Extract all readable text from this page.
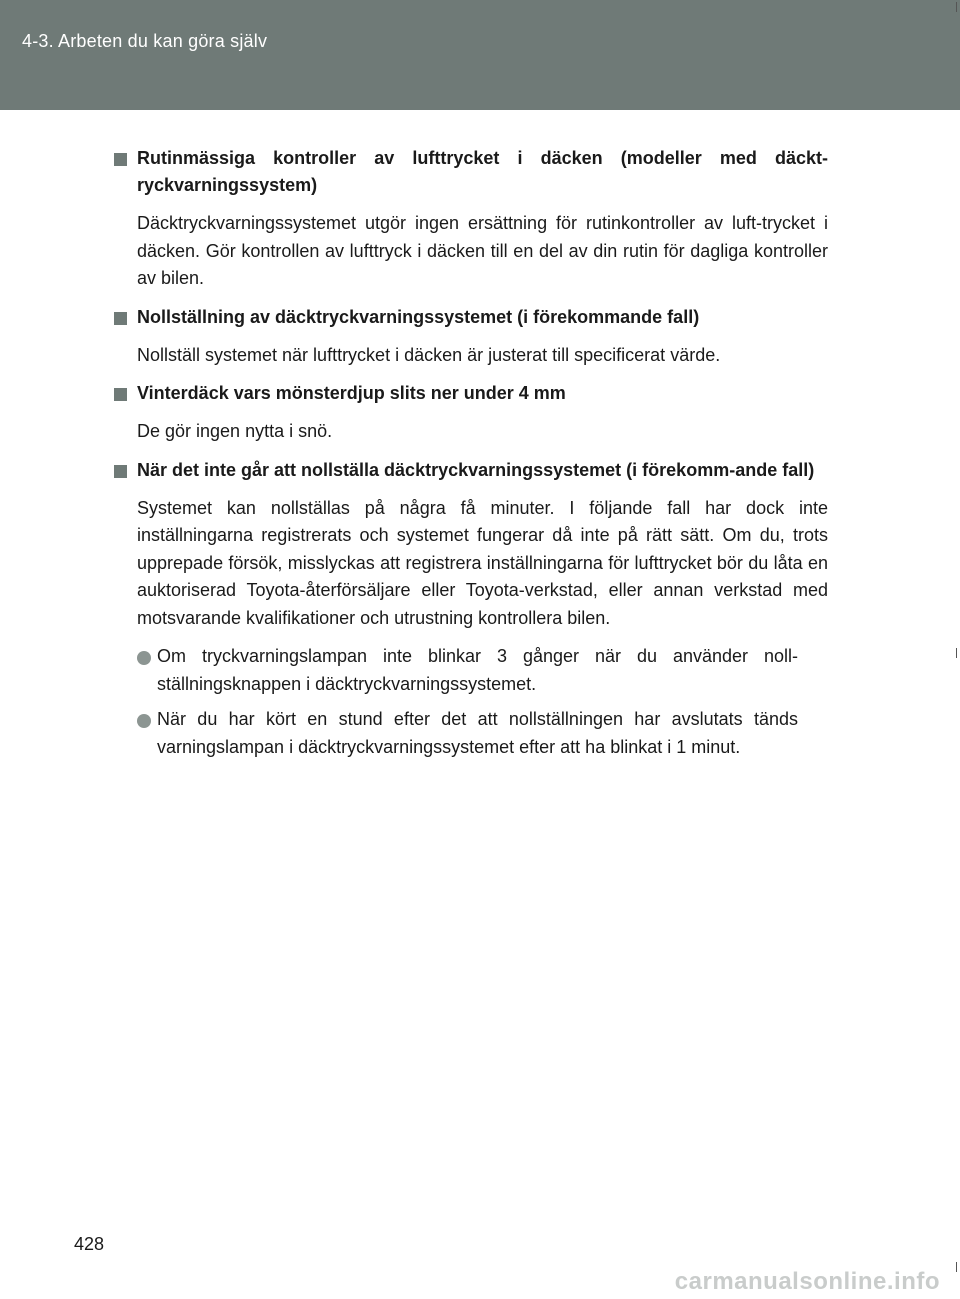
4-3. Arbeten du kan göra själv
Rutinmässiga kontroller av lufttrycket i däcken (modeller med däckt-ryckvarningssystem)

Däcktryckvarningssystemet utgör ingen ersättning för rutinkontroller av luft-trycket i däcken. Gör kontrollen av lufttryck i däcken till en del av din rutin för dagliga kontroller av bilen.

Nollställning av däcktryckvarningssystemet (i förekommande fall)

Nollställ systemet när lufttrycket i däcken är justerat till specificerat värde.

Vinterdäck vars mönsterdjup slits ner under 4 mm

De gör ingen nytta i snö.

När det inte går att nollställa däcktryckvarningssystemet (i förekomm-ande fall)

Systemet kan nollställas på några få minuter. I följande fall har dock inte inställningarna registrerats och systemet fungerar då inte på rätt sätt. Om du, trots upprepade försök, misslyckas att registrera inställningarna för lufttrycket bör du låta en auktoriserad Toyota-återförsäljare eller Toyota-verkstad, eller annan verkstad med motsvarande kvalifikationer och utrustning kontrollera bilen.

Om tryckvarningslampan inte blinkar 3 gånger när du använder noll-ställningsknappen i däcktryckvarningssystemet.
När du har kört en stund efter det att nollställningen har avslutats tänds varningslampan i däcktryckvarningssystemet efter att ha blinkat i 1 minut.
428
carmanualsonline.info
